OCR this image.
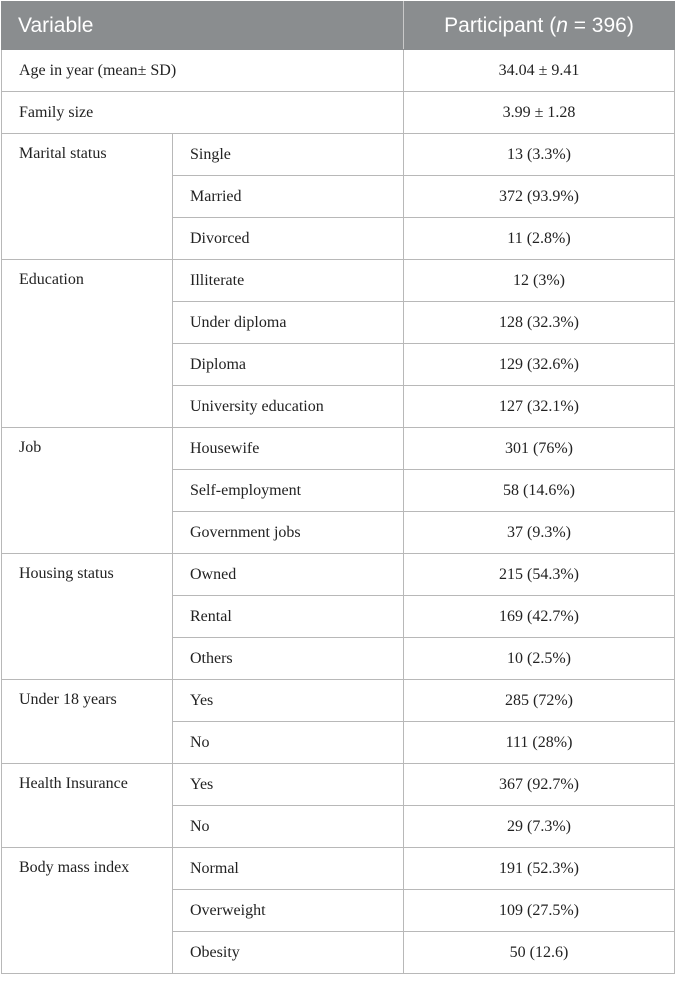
Variable		Participant (n = 396)
Age in year (mean± SD)		34.04 ± 9.41
Family size		3.99 ± 1.28
Marital status	Single	13 (3.3%)
	Married	372 (93.9%)
	Divorced	11 (2.8%)
Education	Illiterate	12 (3%)
	Under diploma	128 (32.3%)
	Diploma	129 (32.6%)
	University education	127 (32.1%)
Job	Housewife	301 (76%)
	Self-employment	58 (14.6%)
	Government jobs	37 (9.3%)
Housing status	Owned	215 (54.3%)
	Rental	169 (42.7%)
	Others	10 (2.5%)
Under 18 years	Yes	285 (72%)
	No	111 (28%)
Health Insurance	Yes	367 (92.7%)
	No	29 (7.3%)
Body mass index	Normal	191 (52.3%)
	Overweight	109 (27.5%)
	Obesity	50 (12.6)
